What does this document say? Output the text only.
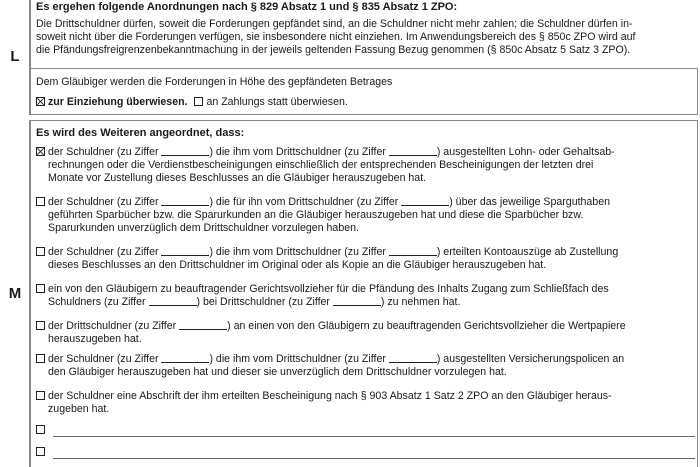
L
Es ergehen folgende Anordnungen nach § 829 Absatz 1 und § 835 Absatz 1 ZPO:
Die Drittschuldner dürfen, soweit die Forderungen gepfändet sind, an die Schuldner nicht mehr zahlen; die Schuldner dürfen in-
soweit nicht über die Forderungen verfügen, sie insbesondere nicht einziehen. Im Anwendungsbereich des § 850c ZPO wird auf
die Pfändungsfreigrenzenbekanntmachung in der jeweils geltenden Fassung Bezug genommen (§ 850c Absatz 5 Satz 3 ZPO).
Dem Gläubiger werden die Forderungen in Höhe des gepfändeten Betrages
zur Einziehung überwiesen. an Zahlungs statt überwiesen.
M
Es wird des Weiteren angeordnet, dass:
der Schuldner (zu Ziffer	) die ihm vom Drittschuldner (zu Ziffer	) ausgestellten Lohn- oder Gehaltsab-
rechnungen oder die Verdienstbescheinigungen einschließlich der entsprechenden Bescheinigungen der letzten drei
Monate vor Zustellung dieses Beschlusses an die Gläubiger herauszugeben hat.
der Schuldner (zu Ziffer	) die für ihn vom Drittschuldner (zu Ziffer	) über das jeweilige Sparguthaben
geführten Sparbücher bzw. die Sparurkunden an die Gläubiger herauszugeben hat und diese die Sparbücher bzw.
Sparurkunden unverzüglich dem Drittschuldner vorzulegen haben.
der Schuldner (zu Ziffer	) die ihm vom Drittschuldner (zu Ziffer	) erteilten Kontoauszüge ab Zustellung
dieses Beschlusses an den Drittschuldner im Original oder als Kopie an die Gläubiger herauszugeben hat.
ein von den Gläubigern zu beauftragender Gerichtsvollzieher für die Pfändung des Inhalts Zugang zum Schließfach des
Schuldners (zu Ziffer	) bei Drittschuldner (zu Ziffer	) zu nehmen hat.
der Drittschuldner (zu Ziffer	) an einen von den Gläubigern zu beauftragenden Gerichtsvollzieher die Wertpapiere
herauszugeben hat.
der Schuldner (zu Ziffer	) die ihm vom Drittschuldner (zu Ziffer	) ausgestellten Versicherungspolicen an
den Gläubiger herauszugeben hat und dieser sie unverzüglich dem Drittschuldner vorzulegen hat.
der Schuldner eine Abschrift der ihm erteilten Bescheinigung nach § 903 Absatz 1 Satz 2 ZPO an den Gläubiger heraus-
zugeben hat.
